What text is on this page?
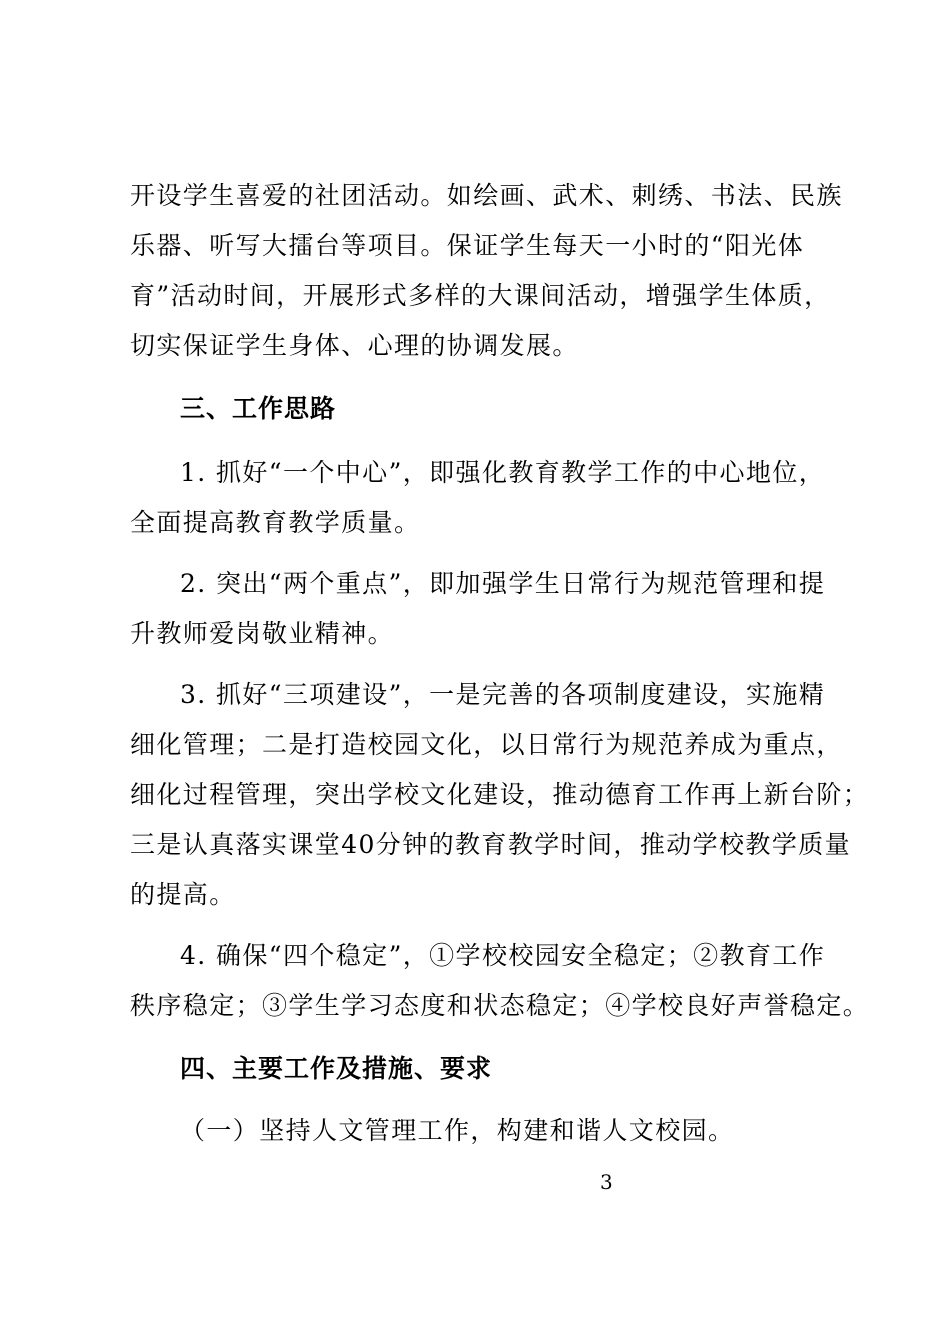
开设学生喜爱的社团活动。如绘画、武术、刺绣、书法、民族
乐器、听写大擂台等项目。保证学生每天一小时的“阳光体
育”活动时间，开展形式多样的大课间活动，增强学生体质，
切实保证学生身体、心理的协调发展。
三、工作思路
1. 抓好“一个中心”，即强化教育教学工作的中心地位，
全面提高教育教学质量。
2. 突出“两个重点”，即加强学生日常行为规范管理和提
升教师爱岗敬业精神。
3. 抓好“三项建设”，一是完善的各项制度建设，实施精
细化管理；二是打造校园文化，以日常行为规范养成为重点，
细化过程管理，突出学校文化建设，推动德育工作再上新台阶；
三是认真落实课堂40分钟的教育教学时间，推动学校教学质量
的提高。
4. 确保“四个稳定”，①学校校园安全稳定；②教育工作
秩序稳定；③学生学习态度和状态稳定；④学校良好声誉稳定。
四、主要工作及措施、要求
（一）坚持人文管理工作，构建和谐人文校园。
3
